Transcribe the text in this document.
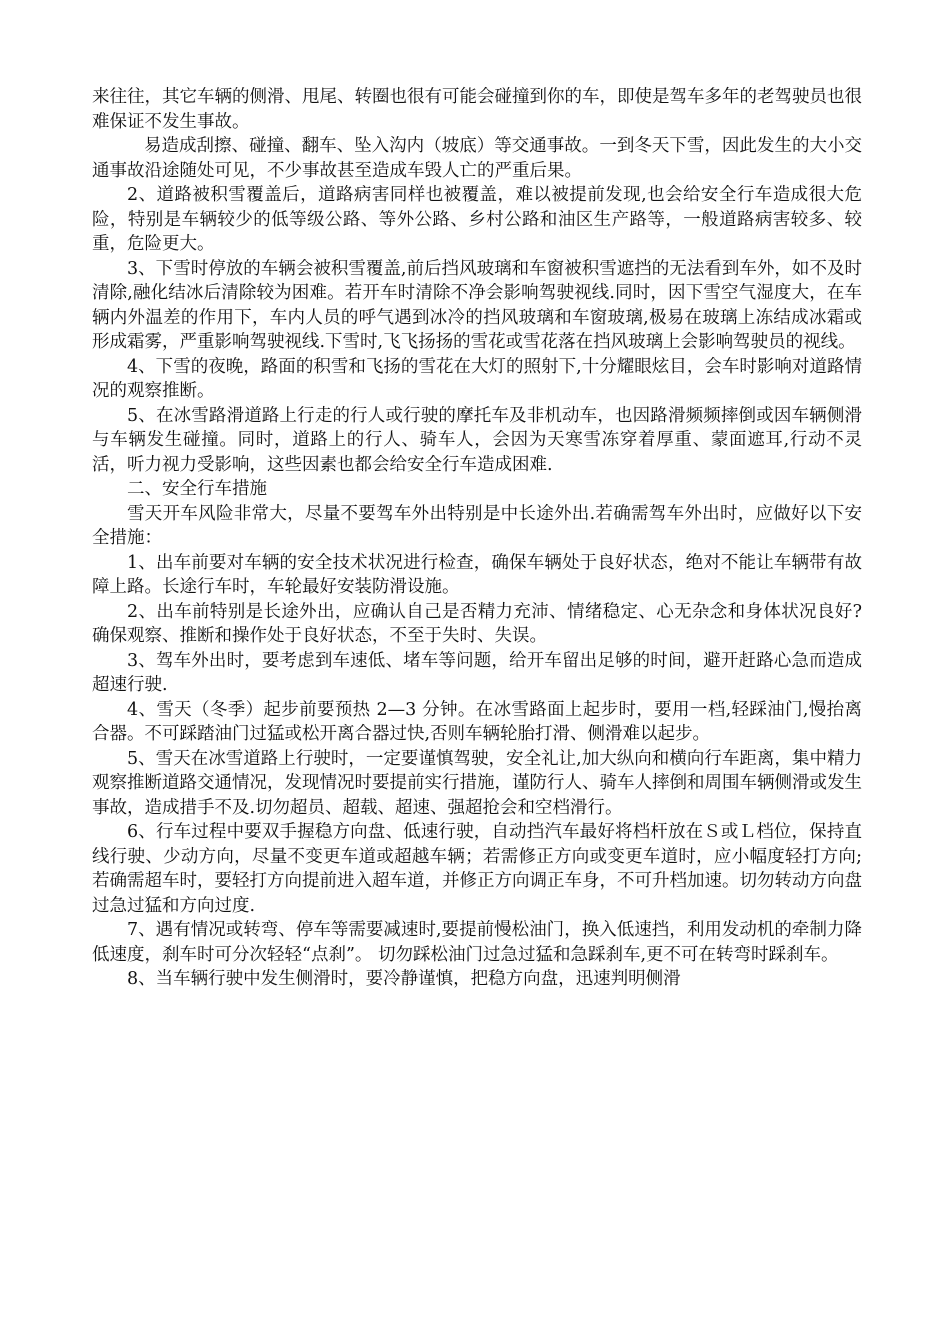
来往往，其它车辆的侧滑、甩尾、转圈也很有可能会碰撞到你的车，即使是驾车多年的老驾驶员也很难保证不发生事故。

易造成刮擦、碰撞、翻车、坠入沟内（坡底）等交通事故。一到冬天下雪，因此发生的大小交通事故沿途随处可见，不少事故甚至造成车毁人亡的严重后果。

2、道路被积雪覆盖后，道路病害同样也被覆盖，难以被提前发现,也会给安全行车造成很大危险，特别是车辆较少的低等级公路、等外公路、乡村公路和油区生产路等，一般道路病害较多、较重，危险更大。

3、下雪时停放的车辆会被积雪覆盖,前后挡风玻璃和车窗被积雪遮挡的无法看到车外，如不及时清除,融化结冰后清除较为困难。若开车时清除不净会影响驾驶视线.同时，因下雪空气湿度大，在车辆内外温差的作用下，车内人员的呼气遇到冰冷的挡风玻璃和车窗玻璃,极易在玻璃上冻结成冰霜或形成霜雾，严重影响驾驶视线.下雪时,飞飞扬扬的雪花或雪花落在挡风玻璃上会影响驾驶员的视线。

4、下雪的夜晚，路面的积雪和飞扬的雪花在大灯的照射下,十分耀眼炫目，会车时影响对道路情况的观察推断。

5、在冰雪路滑道路上行走的行人或行驶的摩托车及非机动车，也因路滑频频摔倒或因车辆侧滑与车辆发生碰撞。同时，道路上的行人、骑车人，会因为天寒雪冻穿着厚重、蒙面遮耳,行动不灵活，听力视力受影响，这些因素也都会给安全行车造成困难.

二、安全行车措施

雪天开车风险非常大，尽量不要驾车外出特别是中长途外出.若确需驾车外出时，应做好以下安全措施：

1、出车前要对车辆的安全技术状况进行检查，确保车辆处于良好状态，绝对不能让车辆带有故障上路。长途行车时，车轮最好安装防滑设施。

2、出车前特别是长途外出，应确认自己是否精力充沛、情绪稳定、心无杂念和身体状况良好?确保观察、推断和操作处于良好状态，不至于失时、失误。

3、驾车外出时，要考虑到车速低、堵车等问题，给开车留出足够的时间，避开赶路心急而造成超速行驶.

4、雪天（冬季）起步前要预热 2—3 分钟。在冰雪路面上起步时，要用一档,轻踩油门,慢抬离合器。不可踩踏油门过猛或松开离合器过快,否则车辆轮胎打滑、侧滑难以起步。

5、雪天在冰雪道路上行驶时，一定要谨慎驾驶，安全礼让,加大纵向和横向行车距离，集中精力观察推断道路交通情况，发现情况时要提前实行措施，谨防行人、骑车人摔倒和周围车辆侧滑或发生事故，造成措手不及.切勿超员、超载、超速、强超抢会和空档滑行。

6、行车过程中要双手握稳方向盘、低速行驶，自动挡汽车最好将档杆放在Ｓ或Ｌ档位，保持直线行驶、少动方向，尽量不变更车道或超越车辆；若需修正方向或变更车道时，应小幅度轻打方向;若确需超车时，要轻打方向提前进入超车道，并修正方向调正车身，不可升档加速。切勿转动方向盘过急过猛和方向过度.

7、遇有情况或转弯、停车等需要减速时,要提前慢松油门，换入低速挡，利用发动机的牵制力降低速度，刹车时可分次轻轻“点刹”。 切勿踩松油门过急过猛和急踩刹车,更不可在转弯时踩刹车。

8、当车辆行驶中发生侧滑时，要冷静谨慎，把稳方向盘，迅速判明侧滑
